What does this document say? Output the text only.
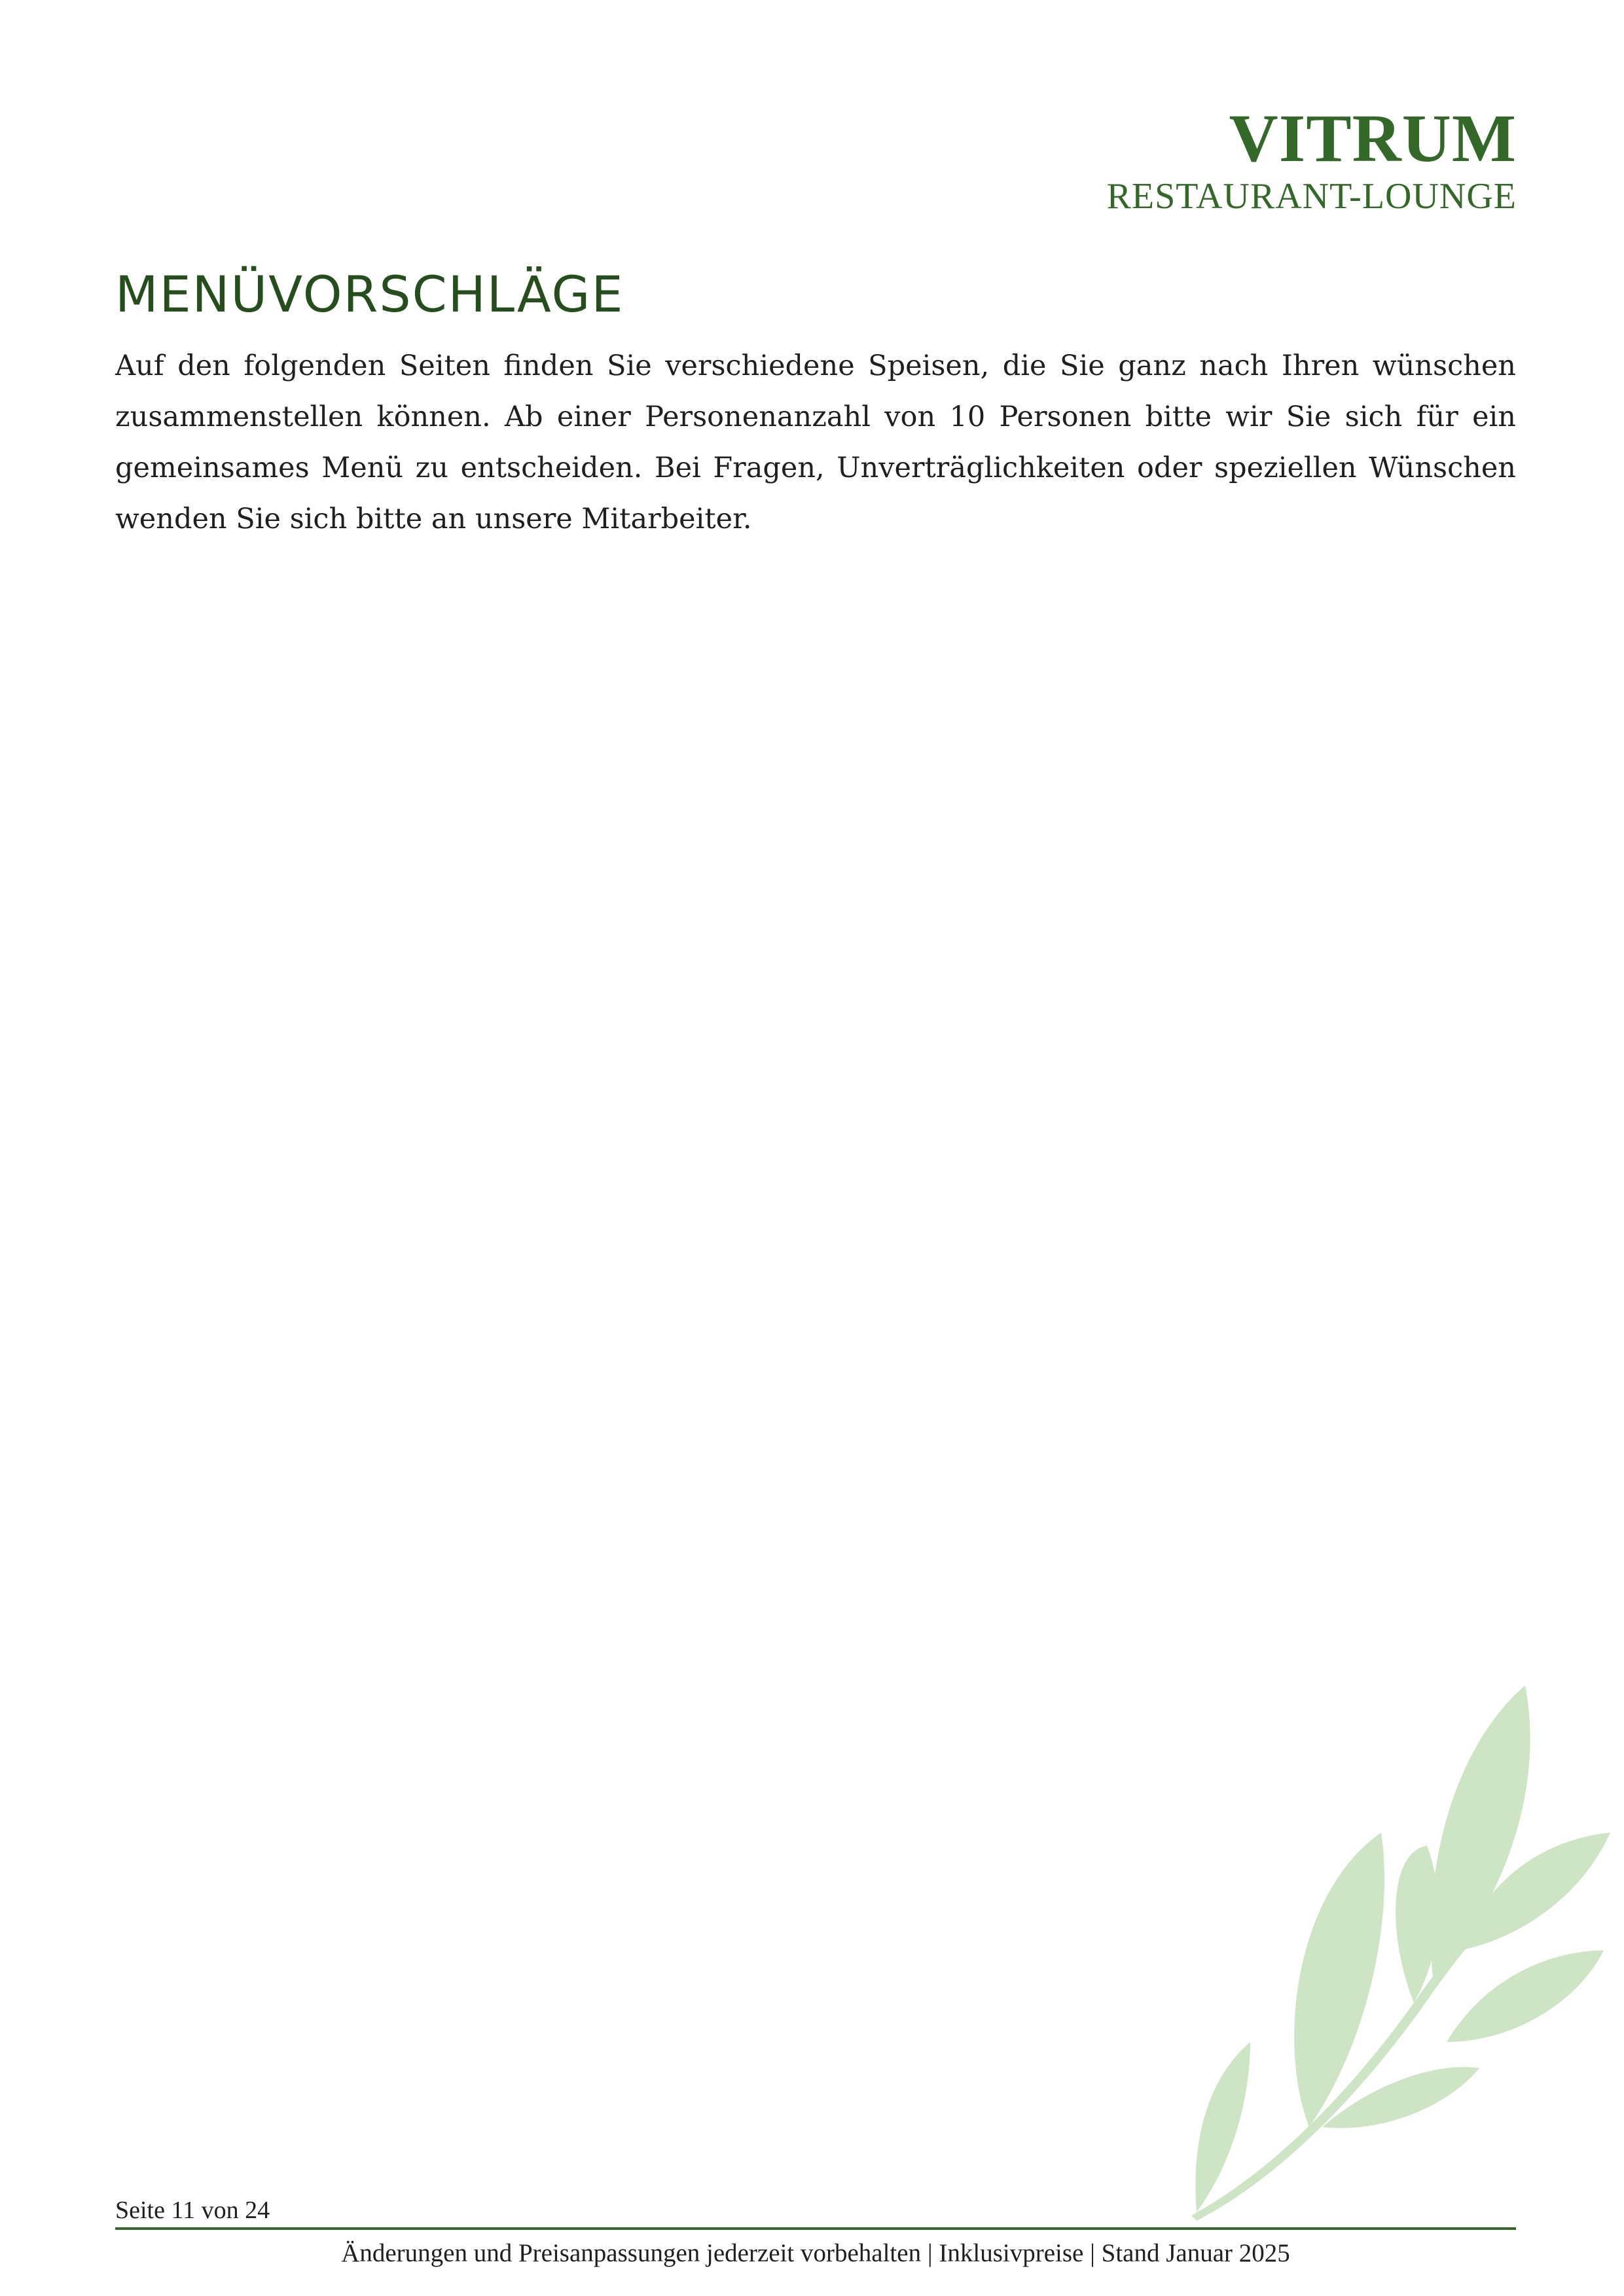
VITRUM
RESTAURANT-LOUNGE
MENÜVORSCHLÄGE

Auf den folgenden Seiten finden Sie verschiedene Speisen, die Sie ganz nach Ihren wünschen zusammenstellen können. Ab einer Personenanzahl von 10 Personen bitte wir Sie sich für ein gemeinsames Menü zu entscheiden. Bei Fragen, Unverträglichkeiten oder speziellen Wünschen wenden Sie sich bitte an unsere Mitarbeiter.

Seite 11 von 24
Änderungen und Preisanpassungen jederzeit vorbehalten | Inklusivpreise | Stand Januar 2025
